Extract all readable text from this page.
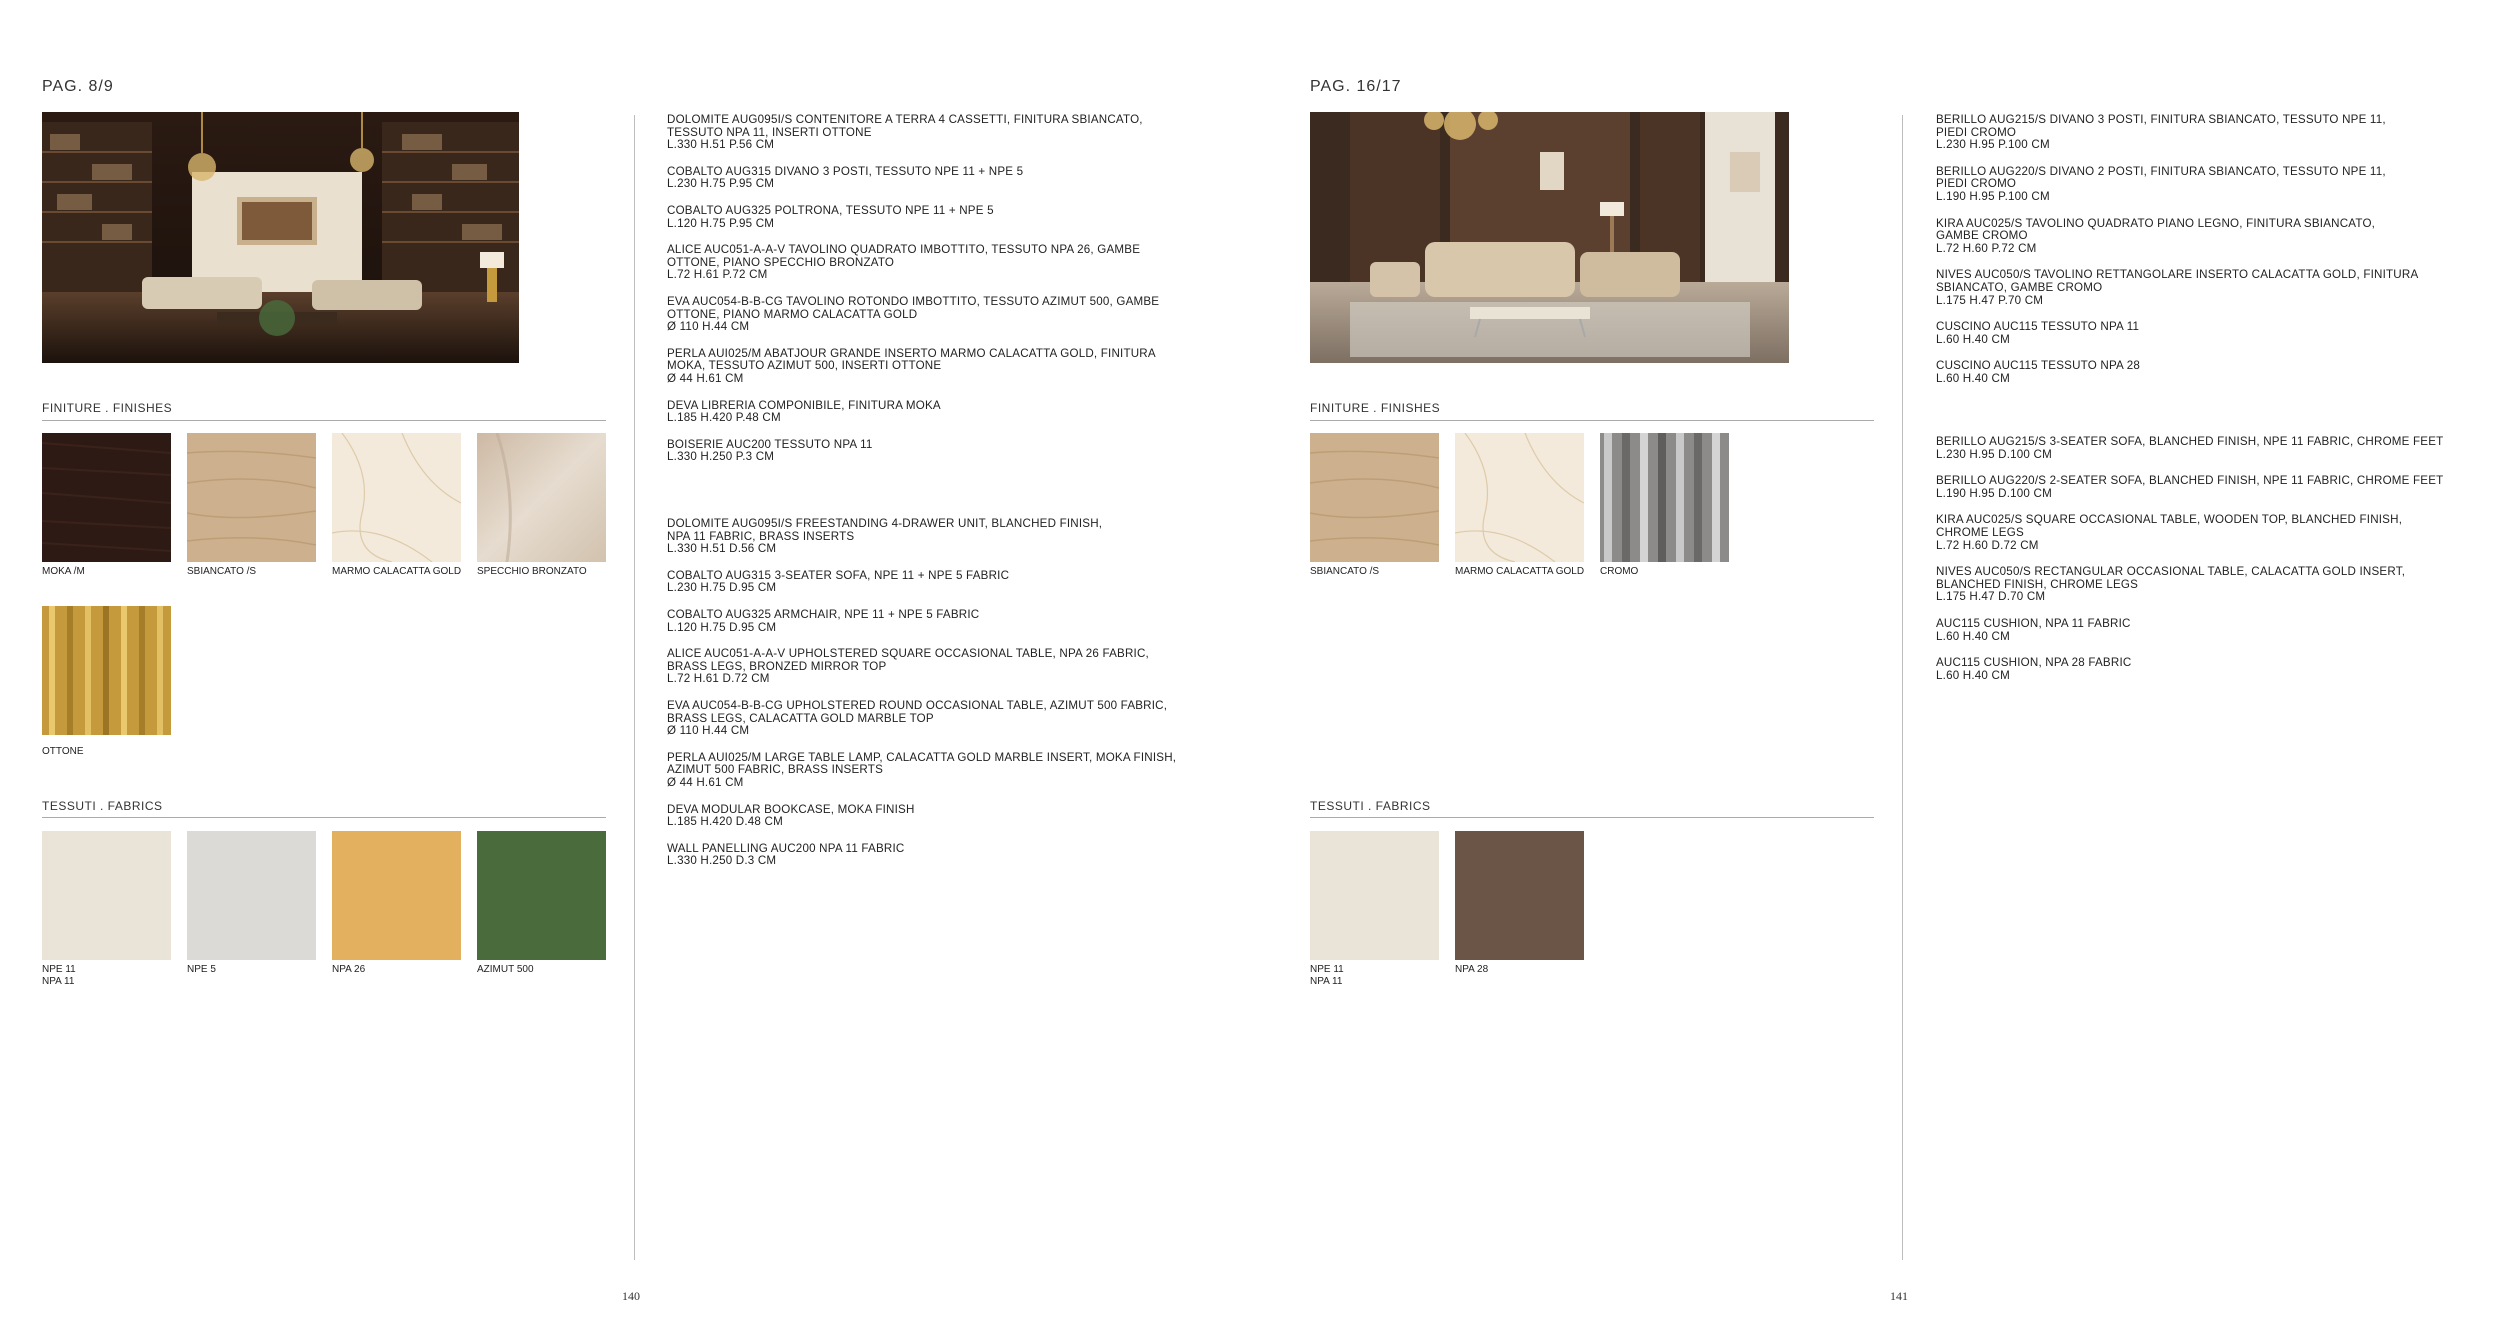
PAG. 8/9
FINITURE . FINISHES
MOKA /M	SBIANCATO /S	MARMO CALACATTA GOLD	SPECCHIO BRONZATO
OTTONE
TESSUTI . FABRICS
NPE 11
NPA 11
NPE 5	NPA 26	AZIMUT 500
DOLOMITE AUG095I/S CONTENITORE A TERRA 4 CASSETTI, FINITURA SBIANCATO,
TESSUTO NPA 11, INSERTI OTTONE
L.330 H.51 P.56 CM
COBALTO AUG315 DIVANO 3 POSTI, TESSUTO NPE 11 + NPE 5
L.230 H.75 P.95 CM
COBALTO AUG325 POLTRONA, TESSUTO NPE 11 + NPE 5
L.120 H.75 P.95 CM
ALICE AUC051-A-A-V TAVOLINO QUADRATO IMBOTTITO, TESSUTO NPA 26, GAMBE
OTTONE, PIANO SPECCHIO BRONZATO
L.72 H.61 P.72 CM
EVA AUC054-B-B-CG TAVOLINO ROTONDO IMBOTTITO, TESSUTO AZIMUT 500, GAMBE
OTTONE, PIANO MARMO CALACATTA GOLD
Ø 110 H.44 CM
PERLA AUI025/M ABATJOUR GRANDE INSERTO MARMO CALACATTA GOLD, FINITURA
MOKA, TESSUTO AZIMUT 500, INSERTI OTTONE
Ø 44 H.61 CM
DEVA LIBRERIA COMPONIBILE, FINITURA MOKA
L.185 H.420 P.48 CM
BOISERIE AUC200 TESSUTO NPA 11
L.330 H.250 P.3 CM
DOLOMITE AUG095I/S FREESTANDING 4-DRAWER UNIT, BLANCHED FINISH,
NPA 11 FABRIC, BRASS INSERTS
L.330 H.51 D.56 CM
COBALTO AUG315 3-SEATER SOFA, NPE 11 + NPE 5 FABRIC
L.230 H.75 D.95 CM
COBALTO AUG325 ARMCHAIR, NPE 11 + NPE 5 FABRIC
L.120 H.75 D.95 CM
ALICE AUC051-A-A-V UPHOLSTERED SQUARE OCCASIONAL TABLE, NPA 26 FABRIC,
BRASS LEGS, BRONZED MIRROR TOP
L.72 H.61 D.72 CM
EVA AUC054-B-B-CG UPHOLSTERED ROUND OCCASIONAL TABLE, AZIMUT 500 FABRIC,
BRASS LEGS, CALACATTA GOLD MARBLE TOP
Ø 110 H.44 CM
PERLA AUI025/M LARGE TABLE LAMP, CALACATTA GOLD MARBLE INSERT, MOKA FINISH,
AZIMUT 500 FABRIC, BRASS INSERTS
Ø 44 H.61 CM
DEVA MODULAR BOOKCASE, MOKA FINISH
L.185 H.420 D.48 CM
WALL PANELLING AUC200 NPA 11 FABRIC
L.330 H.250 D.3 CM
140
PAG. 16/17
FINITURE . FINISHES
SBIANCATO /S	MARMO CALACATTA GOLD	CROMO
TESSUTI . FABRICS
NPE 11
NPA 11
NPA 28
BERILLO AUG215/S DIVANO 3 POSTI, FINITURA SBIANCATO, TESSUTO NPE 11,
PIEDI CROMO
L.230 H.95 P.100 CM
BERILLO AUG220/S DIVANO 2 POSTI, FINITURA SBIANCATO, TESSUTO NPE 11,
PIEDI CROMO
L.190 H.95 P.100 CM
KIRA AUC025/S TAVOLINO QUADRATO PIANO LEGNO, FINITURA SBIANCATO,
GAMBE CROMO
L.72 H.60 P.72 CM
NIVES AUC050/S TAVOLINO RETTANGOLARE INSERTO CALACATTA GOLD, FINITURA
SBIANCATO, GAMBE CROMO
L.175 H.47 P.70 CM
CUSCINO AUC115 TESSUTO NPA 11
L.60 H.40 CM
CUSCINO AUC115 TESSUTO NPA 28
L.60 H.40 CM
BERILLO AUG215/S 3-SEATER SOFA, BLANCHED FINISH, NPE 11 FABRIC, CHROME FEET
L.230 H.95 D.100 CM
BERILLO AUG220/S 2-SEATER SOFA, BLANCHED FINISH, NPE 11 FABRIC, CHROME FEET
L.190 H.95 D.100 CM
KIRA AUC025/S SQUARE OCCASIONAL TABLE, WOODEN TOP, BLANCHED FINISH,
CHROME LEGS
L.72 H.60 D.72 CM
NIVES AUC050/S RECTANGULAR OCCASIONAL TABLE, CALACATTA GOLD INSERT,
BLANCHED FINISH, CHROME LEGS
L.175 H.47 D.70 CM
AUC115 CUSHION, NPA 11 FABRIC
L.60 H.40 CM
AUC115 CUSHION, NPA 28 FABRIC
L.60 H.40 CM
141
